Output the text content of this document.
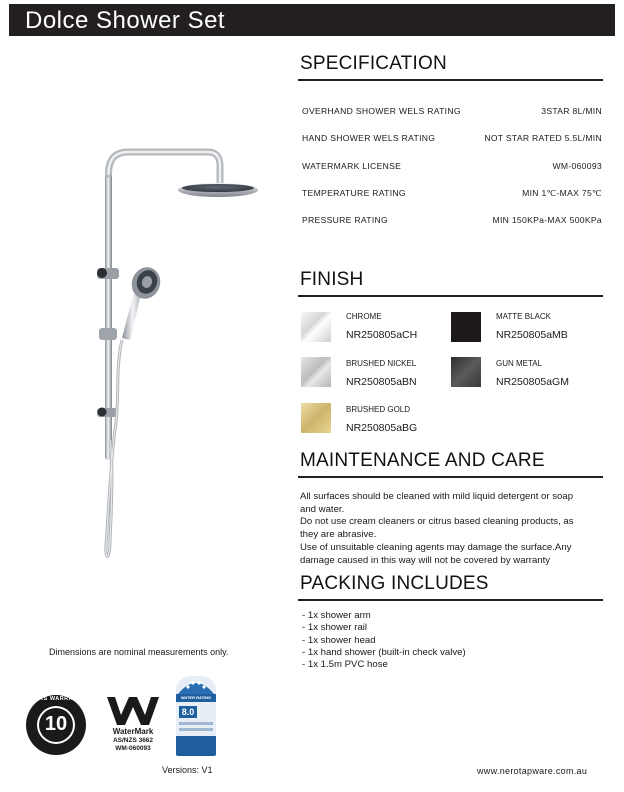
Dolce Shower Set
SPECIFICATION
OVERHAND SHOWER WELS RATING	3STAR 8L/MIN
HAND SHOWER WELS RATING	NOT STAR RATED 5.5L/MIN
WATERMARK LICENSE	WM-060093
TEMPERATURE RATING	MIN 1℃-MAX 75℃
PRESSURE RATING	MIN 150KPa-MAX 500KPa
FINISH
CHROME
NR250805aCH
MATTE BLACK
NR250805aMB
BRUSHED NICKEL
NR250805aBN
GUN METAL
NR250805aGM
BRUSHED GOLD
NR250805aBG
MAINTENANCE AND CARE
All surfaces should be cleaned with mild liquid detergent or soap
and water.
Do not use cream cleaners or citrus based cleaning products, as
they are abrasive.
Use of unsuitable cleaning agents may damage the surface.Any
damage caused in this way will not be covered by warranty
PACKING INCLUDES
- 1x shower arm
- 1x shower rail
- 1x shower head
- 1x hand shower (built-in check valve)
- 1x 1.5m PVC hose
Dimensions are nominal measurements only.
10
YEARS WARRANTY
WaterMark
AS/NZS 3662
WM-060093
WATER RATING
8.0
Versions: V1	www.nerotapware.com.au
